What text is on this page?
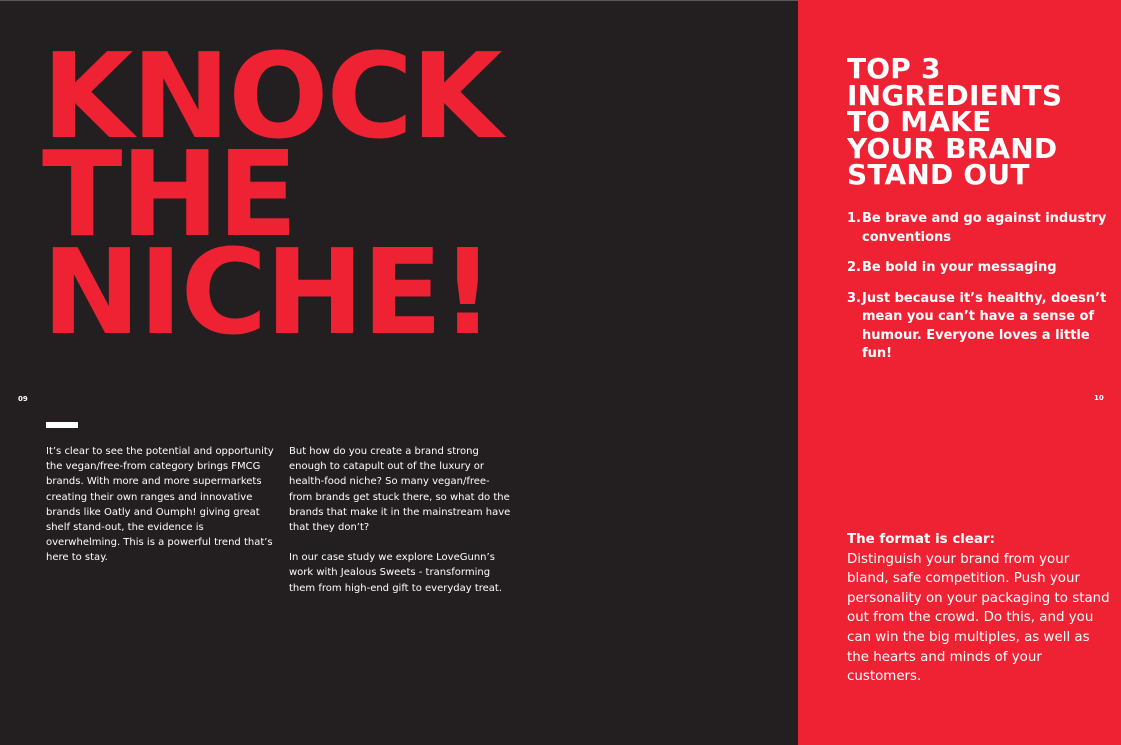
KNOCK
THE
NICHE!

09

It’s clear to see the potential and opportunity the vegan/free-from category brings FMCG brands. With more and more supermarkets creating their own ranges and innovative brands like Oatly and Oumph! giving great shelf stand-out, the evidence is overwhelming. This is a powerful trend that’s here to stay.

But how do you create a brand strong enough to catapult out of the luxury or health-food niche? So many vegan/free-from brands get stuck there, so what do the brands that make it in the mainstream have that they don’t?

In our case study we explore LoveGunn’s work with Jealous Sweets - transforming them from high-end gift to everyday treat.

TOP 3
INGREDIENTS
TO MAKE
YOUR BRAND
STAND OUT

10

1. Be brave and go against industry conventions
2. Be bold in your messaging
3. Just because it’s healthy, doesn’t mean you can’t have a sense of humour. Everyone loves a little fun!
The format is clear:
Distinguish your brand from your bland, safe competition. Push your personality on your packaging to stand out from the crowd. Do this, and you can win the big multiples, as well as the hearts and minds of your customers.
